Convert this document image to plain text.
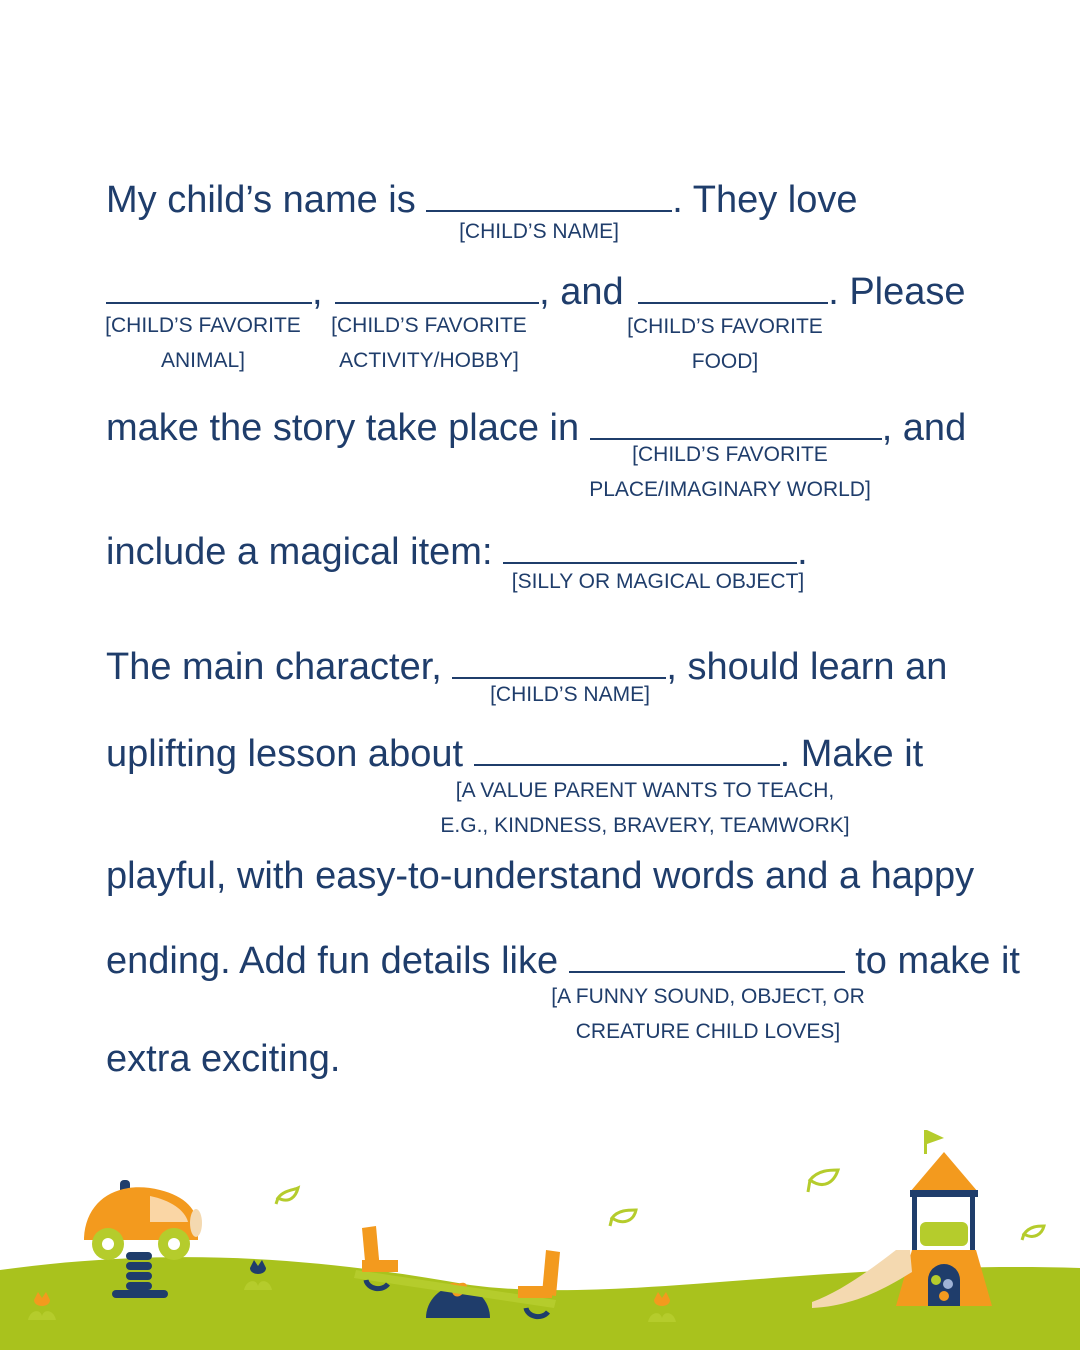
My child’s name is	. They love
[CHILD’S NAME]
,	, and	. Please
[CHILD’S FAVORITE
ANIMAL]
[CHILD’S FAVORITE
ACTIVITY/HOBBY]
[CHILD’S FAVORITE
FOOD]
make the story take place in	, and
[CHILD’S FAVORITE
PLACE/IMAGINARY WORLD]
include a magical item:	.
[SILLY OR MAGICAL OBJECT]
The main character,	, should learn an
[CHILD’S NAME]
uplifting lesson about	. Make it
[A VALUE PARENT WANTS TO TEACH,
E.G., KINDNESS, BRAVERY, TEAMWORK]
playful, with easy-to-understand words and a happy
ending. Add fun details like	to make it
[A FUNNY SOUND, OBJECT, OR
CREATURE CHILD LOVES]
extra exciting.
